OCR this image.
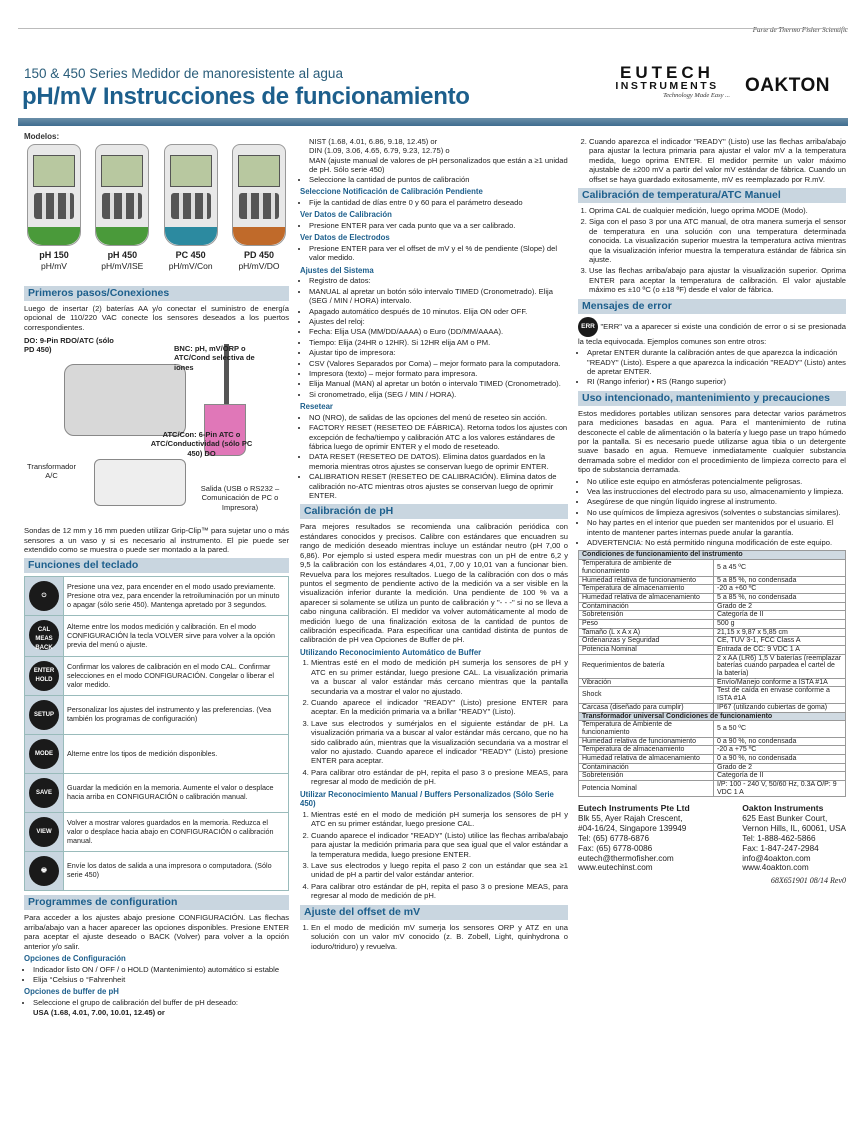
Parte de Thermo Fisher Scientific
150 & 450 Series Medidor de manoresistente al agua
pH/mV Instrucciones de funcionamiento
EUTECH
INSTRUMENTS
Technology Made Easy ... OAKTON
Modelos:
pH 150
pH/mV
pH 450
pH/mV/ISE
PC 450
pH/mV/Con
PD 450
pH/mV/DO
Primeros pasos/Conexiones

Luego de insertar (2) baterías AA y/o conectar el suministro de energía opcional de 110/220 VAC conecte los sensores deseados a los puertos correspondientes.

DO: 9-Pin RDO/ATC (sólo PD 450)	BNC: pH, mV/ORP o ATC/Cond selectiva de iones
ATC/Con: 6-Pin ATC o ATC/Conductividad (sólo PC 450) DO
Transformador A/C
Salida (USB o RS232 – Comunicación de PC o Impresora)

Sondas de 12 mm y 16 mm pueden utilizar Grip-Clip™ para sujetar uno o más sensores a un vaso y si es necesario al instrumento. El pie puede ser extendido como se muestra o puede ser montado a la pared.

Funciones del teclado
⏻	Presione una vez, para encender en el modo usado previamente. Presione otra vez, para encender la retroiluminación por un minuto o apagar (sólo serie 450). Mantenga apretado por 3 segundos.
CAL MEAS BACK	Alterne entre los modos medición y calibración. En el modo CONFIGURACIÓN la tecla VOLVER sirve para volver a la opción previa del menú o ajuste.
ENTER HOLD	Confirmar los valores de calibración en el modo CAL. Confirmar selecciones en el modo CONFIGURACIÓN. Congelar o liberar el valor medido.
SETUP	Personalizar los ajustes del instrumento y las preferencias. (Vea también los programas de configuración)
MODE	Alterne entre los tipos de medición disponibles.
SAVE	Guardar la medición en la memoria. Aumente el valor o desplace hacia arriba en CONFIGURACIÓN o calibración manual.
VIEW	Volver a mostrar valores guardados en la memoria. Reduzca el valor o desplace hacia abajo en CONFIGURACIÓN o calibración manual.
🖶	Envíe los datos de salida a una impresora o computadora. (Sólo serie 450)
Programmes de configuration

Para acceder a los ajustes abajo presione CONFIGURACIÓN. Las flechas arriba/abajo van a hacer aparecer las opciones disponibles. Presione ENTER para aceptar el ajuste deseado o BACK (Volver) para volver a la opción anterior y/o salir.

Opciones de Configuración
• Indicador listo ON / OFF / o HOLD (Mantenimiento) automático si estable
• Elija °Celsius o °Fahrenheit
Opciones de buffer de pH
• Seleccione el grupo de calibración del buffer de pH deseado:
USA (1.68, 4.01, 7.00, 10.01, 12.45) or
NIST (1.68, 4.01, 6.86, 9.18, 12.45) or
DIN (1.09, 3.06, 4.65, 6.79, 9.23, 12.75) o
MAN (ajuste manual de valores de pH personalizados que están a ≥1 unidad de pH. Sólo serie 450)
• Seleccione la cantidad de puntos de calibración
Seleccione Notificación de Calibración Pendiente
• Fije la cantidad de días entre 0 y 60 para el parámetro deseado
Ver Datos de Calibración
• Presione ENTER para ver cada punto que va a ser calibrado.
Ver Datos de Electrodos
• Presione ENTER para ver el offset de mV y el % de pendiente (Slope) del valor medido.
Ajustes del Sistema
• Registro de datos:
• MANUAL al apretar un botón sólo intervalo TIMED (Cronometrado). Elija (SEG / MIN / HORA) intervalo.
• Apagado automático después de 10 minutos. Elija ON oder OFF.
• Ajustes del reloj:
• Fecha: Elija USA (MM/DD/AAAA) o Euro (DD/MM/AAAA).
• Tiempo: Elija (24HR o 12HR). Si 12HR elija AM o PM.
• Ajustar tipo de impresora:
• CSV (Valores Separados por Coma) – mejor formato para la computadora.
• Impresora (texto) – mejor formato para impresora.
• Elija Manual (MAN) al apretar un botón o intervalo TIMED (Cronometrado).
• Si cronometrado, elija (SEG / MIN / HORA).
Resetear
• NO (NRO), de salidas de las opciones del menú de reseteo sin acción.
• FACTORY RESET (RESETEO DE FÁBRICA). Retorna todos los ajustes con excepción de fecha/tiempo y calibración ATC a los valores estándares de fábrica luego de oprimir ENTER y el modo de reseteado.
• DATA RESET (RESETEO DE DATOS). Elimina datos guardados en la memoria mientras otros ajustes se conservan luego de oprimir ENTER.
• CALIBRATION RESET (RESETEO DE CALIBRACIÓN). Elimina datos de calibración no-ATC mientras otros ajustes se conservan luego de oprimir ENTER.
Calibración de pH

Para mejores resultados se recomienda una calibración periódica con estándares conocidos y precisos. Calibre con estándares que encuadren su rango de medición deseado mientras incluye un estándar neutro (pH 7,00 o 6,86). Por ejemplo si usted espera medir muestras con un pH de entre 6,2 y 9,5 la calibración con los estándares 4,01, 7,00 y 10,01 van a funcionar bien. Revuelva para los mejores resultados. Luego de la calibración con dos o más puntos el segmento de pendiente activo de la medición va a ser visible en la visualización inferior durante la medición. Una pendiente de 100 % va a aparecer si solamente se utiliza un punto de calibración y "- - -" si no se lleva a cabo ninguna calibración. El medidor va volver automáticamente al modo de medición luego de una finalización exitosa de la cantidad de puntos de calibración especificada. Para especificar una cantidad distinta de puntos de calibración de pH vea Opciones de Buffer de pH.

Utilizando Reconocimiento Automático de Buffer
1. Mientras esté en el modo de medición pH sumerja los sensores de pH y ATC en su primer estándar, luego presione CAL. La visualización primaria va a buscar al valor estándar más cercano mientras que la pantalla secundaria va a mostrar el valor no ajustado.
2. Cuando aparece el indicador "READY" (Listo) presione ENTER para aceptar. En la medición primaria va a brillar "READY" (Listo).
3. Lave sus electrodos y sumérjalos en el siguiente estándar de pH. La visualización primaria va a buscar al valor estándar más cercano, que no ha sido calibrado aún, mientras que la visualización secundaria va a mostrar el valor no ajustado. Cuando aparece el indicador "READY" (Listo) presione ENTER para aceptar.
4. Para calibrar otro estándar de pH, repita el paso 3 o presione MEAS, para regresar al modo de medición de pH.
Utilizar Reconocimiento Manual / Buffers Personalizados (Sólo Serie 450)
1. Mientras esté en el modo de medición pH sumerja los sensores de pH y ATC en su primer estándar, luego presione CAL.
2. Cuando aparece el indicador "READY" (Listo) utilice las flechas arriba/abajo para ajustar la medición primaria para que sea igual que el valor estándar a la temperatura medida, luego presione ENTER.
3. Lave sus electrodos y luego repita el paso 2 con un estándar que sea ≥1 unidad de pH a partir del valor estándar anterior.
4. Para calibrar otro estándar de pH, repita el paso 3 o presione MEAS, para regresar al modo de medición de pH.
Ajuste del offset de mV
1. En el modo de medición mV sumerja los sensores ORP y ATZ en una solución con un valor mV conocido (z. B. Zobell, Light, quinhydrona o ioduro/triduro) y revuelva.
2. Cuando aparezca el indicador "READY" (Listo) use las flechas arriba/abajo para ajustar la lectura primaria para ajustar el valor mV a la temperatura medida, luego oprima ENTER. El medidor permite un valor máximo ajustable de ±200 mV a partir del valor mV estándar de fábrica. Cuando un offset se haya guardado exitosamente, mV es reemplazado por R.mV.
Calibración de temperatura/ATC Manuel
1. Oprima CAL de cualquier medición, luego oprima MODE (Modo).
2. Siga con el paso 3 por una ATC manual, de otra manera sumerja el sensor de temperatura en una solución con una temperatura determinada conocida. La visualización superior muestra la temperatura activa mientras que la visualización inferior muestra la temperatura estándar de fábrica sin ajuste.
3. Use las flechas arriba/abajo para ajustar la visualización superior. Oprima ENTER para aceptar la temperatura de calibración. El valor ajustable máximo es ±10 ºC (o ±18 ºF) desde el valor de fábrica.
Mensajes de error

ERR "ERR" va a aparecer si existe una condición de error o si se presionada la tecla equivocada. Ejemplos comunes son entre otros:

• Apretar ENTER durante la calibración antes de que aparezca la indicación "READY" (Listo). Espere a que aparezca la indicación "READY" (Listo) antes de apretar ENTER.
• RI (Rango inferior) • RS (Rango superior)
Uso intencionado, mantenimiento y precauciones

Estos medidores portables utilizan sensores para detectar varios parámetros para mediciones basadas en agua. Para el mantenimiento de rutina desconecte el cable de alimentación o la batería y luego pase un trapo húmedo por la pantalla. Si es necesario puede utilizarse agua tibia o un detergente suave basado en agua. Remueve inmediatamente cualquier substancia derramada sobre el medidor con el procedimiento de limpieza correcto para el tipo de substancia derramada.

• No utilice este equipo en atmósferas potencialmente peligrosas.
• Vea las instrucciones del electrodo para su uso, almacenamiento y limpieza.
• Asegúrese de que ningún líquido ingrese al instrumento.
• No use químicos de limpieza agresivos (solventes o substancias similares).
• No hay partes en el interior que pueden ser mantenidos por el usuario. El intento de mantener partes internas puede anular la garantía.
• ADVERTENCIA: No está permitido ninguna modificación de este equipo.
Condiciones de funcionamiento del instrumento	
Temperatura de ambiente de funcionamiento	5 a 45 ºC
Humedad relativa de funcionamiento	5 a 85 %, no condensada
Temperatura de almacenamiento	-20 a +60 ºC
Humedad relativa de almacenamiento	5 a 85 %, no condensada
Contaminación	Grado de 2
Sobretensión	Categoría de II
Peso	500 g
Tamaño (L x A x A)	21,15 x 9,87 x 5,85 cm
Ordenanzas y Seguridad	CE, TUV 3-1, FCC Class A
Potencia Nominal	Entrada de CC: 9 VDC 1 A
Requerimientos de batería	2 x AA (LR6) 1,5 V baterías (reemplazar baterías cuando parpadea el cartel de la batería)
Vibración	Envío/Manejo conforme a ISTA #1A
Shock	Test de caída en envase conforme a ISTA #1A
Carcasa (diseñado para cumplir)	IP67 (utilizando cubiertas de goma)
Transformador universal Condiciones de funcionamiento	
Temperatura de Ambiente de funcionamiento	5 a 50 ºC
Humedad relativa de funcionamiento	0 a 90 %, no condensada
Temperatura de almacenamiento	-20 a +75 ºC
Humedad relativa de almacenamiento	0 a 90 %, no condensada
Contaminación	Grado de 2
Sobretensión	Categoría de II
Potencia Nominal	I/P: 100 - 240 V, 50/60 Hz, 0.3A O/P: 9 VDC 1 A
Eutech Instruments Pte Ltd

Blk 55, Ayer Rajah Crescent,
#04-16/24, Singapore 139949
Tel: (65) 6778-6876
Fax: (65) 6778-0086
eutech@thermofisher.com
www.eutechinst.com
Oakton Instruments

625 East Bunker Court,
Vernon Hills, IL, 60061, USA
Tel: 1-888-462-5866
Fax: 1-847-247-2984
info@4oakton.com
www.4oakton.com
68X651901 08/14 Rev0
